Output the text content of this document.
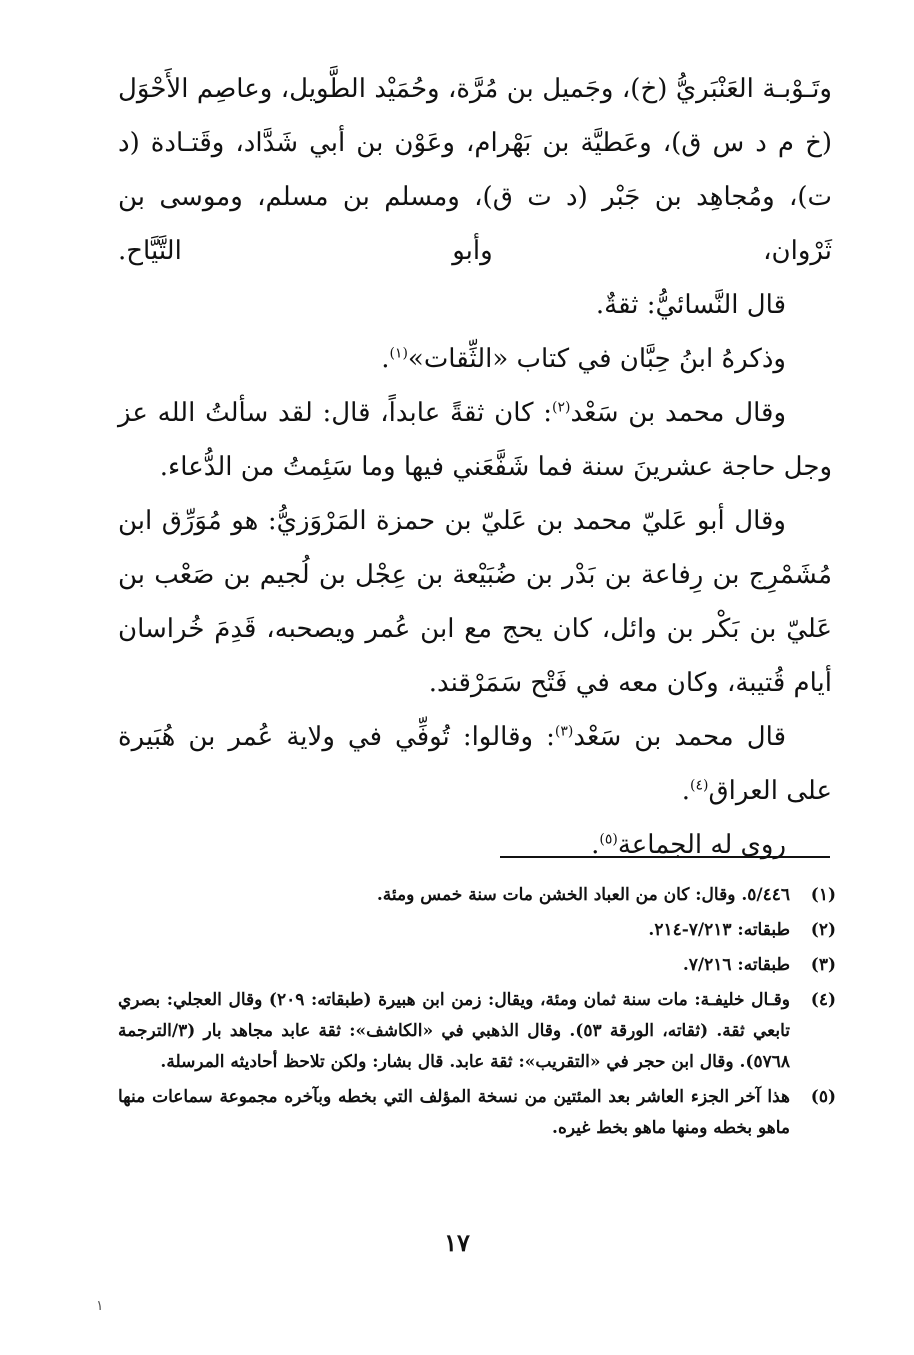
وتَـوْبـة العَنْبَريُّ (خ)، وجَميل بن مُرَّة، وحُمَيْد الطَّويل، وعاصِم الأَحْوَل (خ م د س ق)، وعَطيَّة بن بَهْرام، وعَوْن بن أبي شَدَّاد، وقَتـادة (د ت)، ومُجاهِد بن جَبْر (د ت ق)، ومسلم بن مسلم، وموسى بن ثَرْوان، وأبو التَّيَّاح.

قال النَّسائيُّ: ثقةٌ.

وذكرهُ ابنُ حِبَّان في كتاب «الثِّقات»$^{(١)}$.

وقال محمد بن سَعْد$^{(٢)}$: كان ثقةً عابداً، قال: لقد سألتُ الله عز وجل حاجة عشرينَ سنة فما شَفَّعَني فيها وما سَئِمتُ من الدُّعاء.

وقال أبو عَليّ محمد بن عَليّ بن حمزة المَرْوَزيُّ: هو مُوَرِّق ابن مُشَمْرِج بن رِفاعة بن بَدْر بن ضُبَيْعة بن عِجْل بن لُجيم بن صَعْب بن عَليّ بن بَكْر بن وائل، كان يحج مع ابن عُمر ويصحبه، قَدِمَ خُراسان أيام قُتيبة، وكان معه في فَتْح سَمَرْقند.

قال محمد بن سَعْد$^{(٣)}$: وقالوا: تُوفِّي في ولاية عُمر بن هُبَيرة على العراق$^{(٤)}$.

روى له الجماعة$^{(٥)}$.

(١)
٥/٤٤٦. وقال: كان من العباد الخشن مات سنة خمس ومئة.
(٢)
طبقاته: ٧/٢١٣-٢١٤.
(٣)
طبقاته: ٧/٢١٦.
(٤)
وقـال خليفـة: مات سنة ثمان ومئة، ويقال: زمن ابن هبيرة (طبقاته: ٢٠٩) وقال العجلي: بصري تابعي ثقة. (ثقاته، الورقة ٥٣). وقال الذهبي في «الكاشف»: ثقة عابد مجاهد بار (٣/الترجمة ٥٧٦٨). وقال ابن حجر في «التقريب»: ثقة عابد. قال بشار: ولكن تلاحظ أحاديثه المرسلة.
(٥)
هذا آخر الجزء العاشر بعد المئتين من نسخة المؤلف التي بخطه وبآخره مجموعة سماعات منها ماهو بخطه ومنها ماهو بخط غيره.
١٧
١
